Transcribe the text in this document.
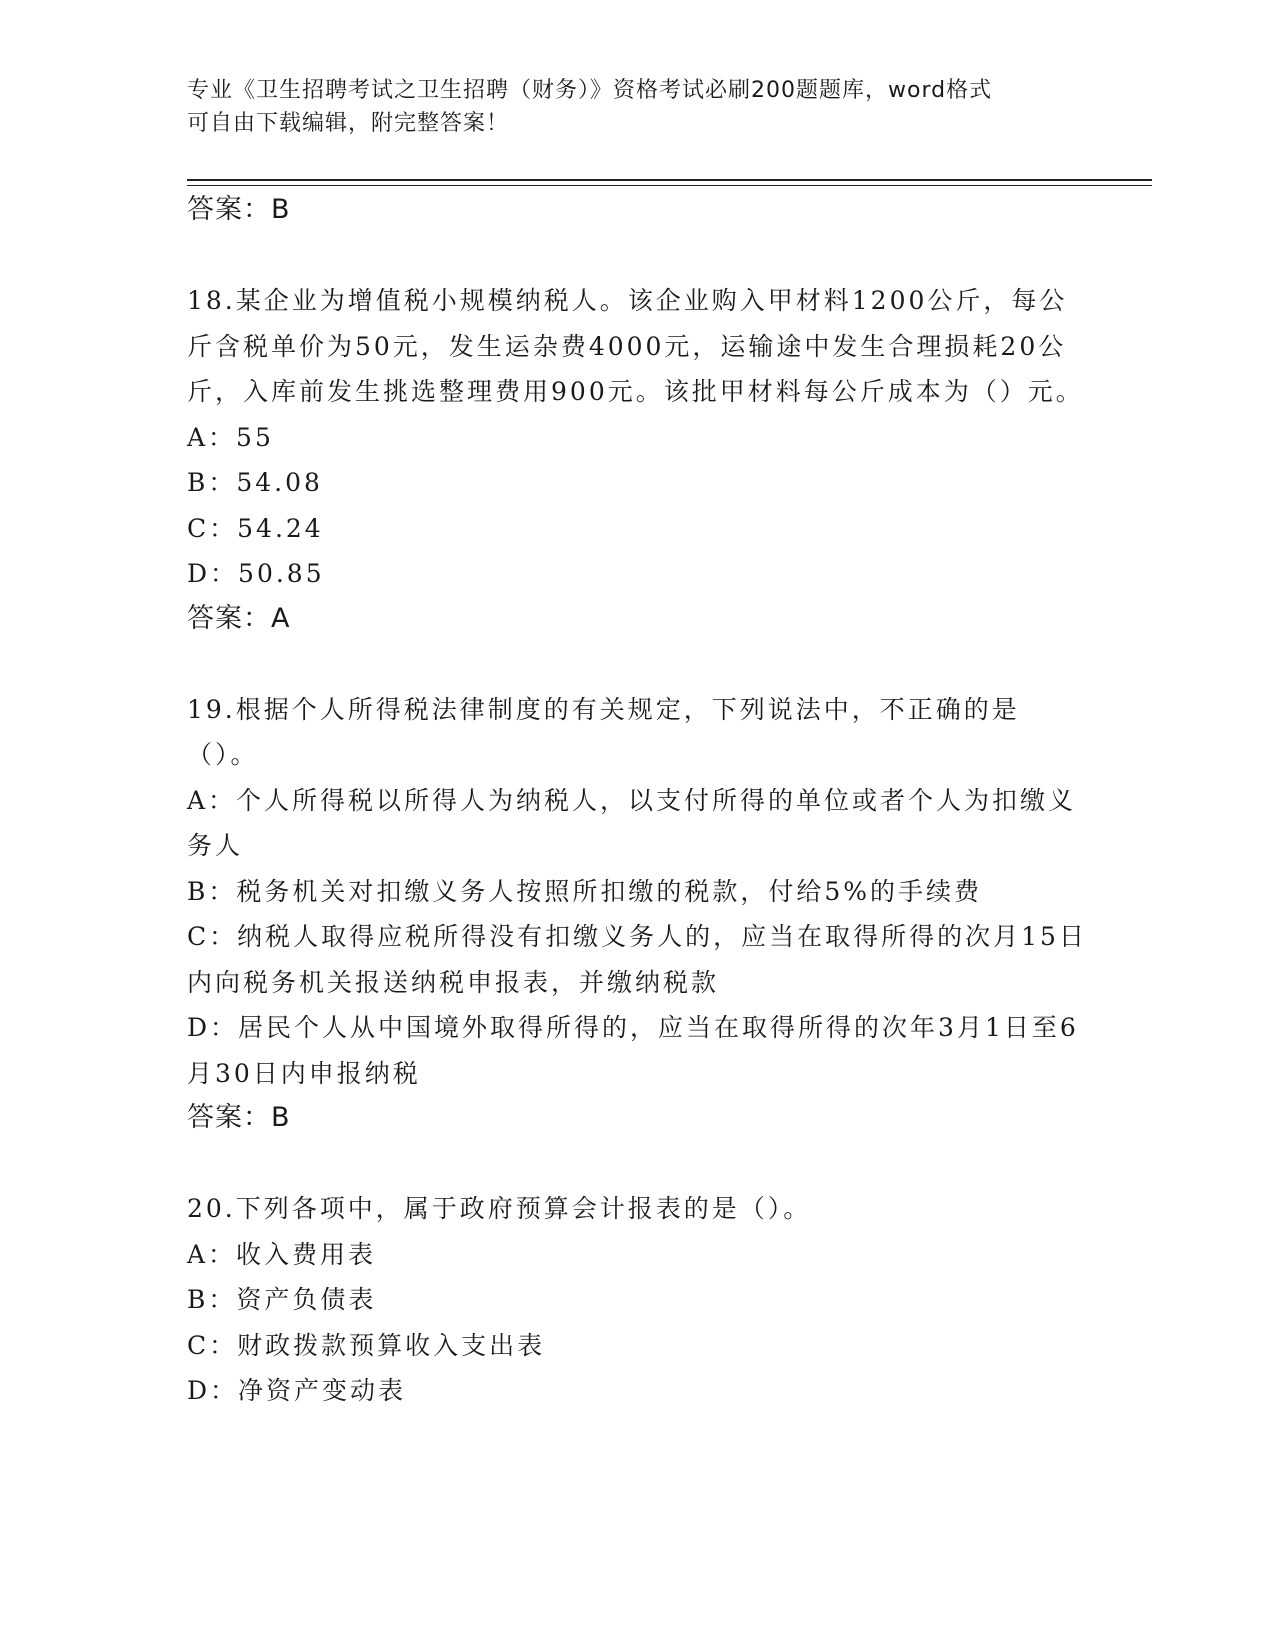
专业《卫生招聘考试之卫生招聘（财务）》资格考试必刷200题题库，word格式
可自由下载编辑，附完整答案！
答案：B
18.某企业为增值税小规模纳税人。该企业购入甲材料1200公斤，每公斤含税单价为50元，发生运杂费4000元，运输途中发生合理损耗20公斤，入库前发生挑选整理费用900元。该批甲材料每公斤成本为（）元。
A：55
B：54.08
C：54.24
D：50.85
答案：A
19.根据个人所得税法律制度的有关规定，下列说法中，不正确的是（）。
A：个人所得税以所得人为纳税人，以支付所得的单位或者个人为扣缴义务人
B：税务机关对扣缴义务人按照所扣缴的税款，付给5%的手续费
C：纳税人取得应税所得没有扣缴义务人的，应当在取得所得的次月15日内向税务机关报送纳税申报表，并缴纳税款
D：居民个人从中国境外取得所得的，应当在取得所得的次年3月1日至6月30日内申报纳税
答案：B
20.下列各项中，属于政府预算会计报表的是（）。
A：收入费用表
B：资产负债表
C：财政拨款预算收入支出表
D：净资产变动表
